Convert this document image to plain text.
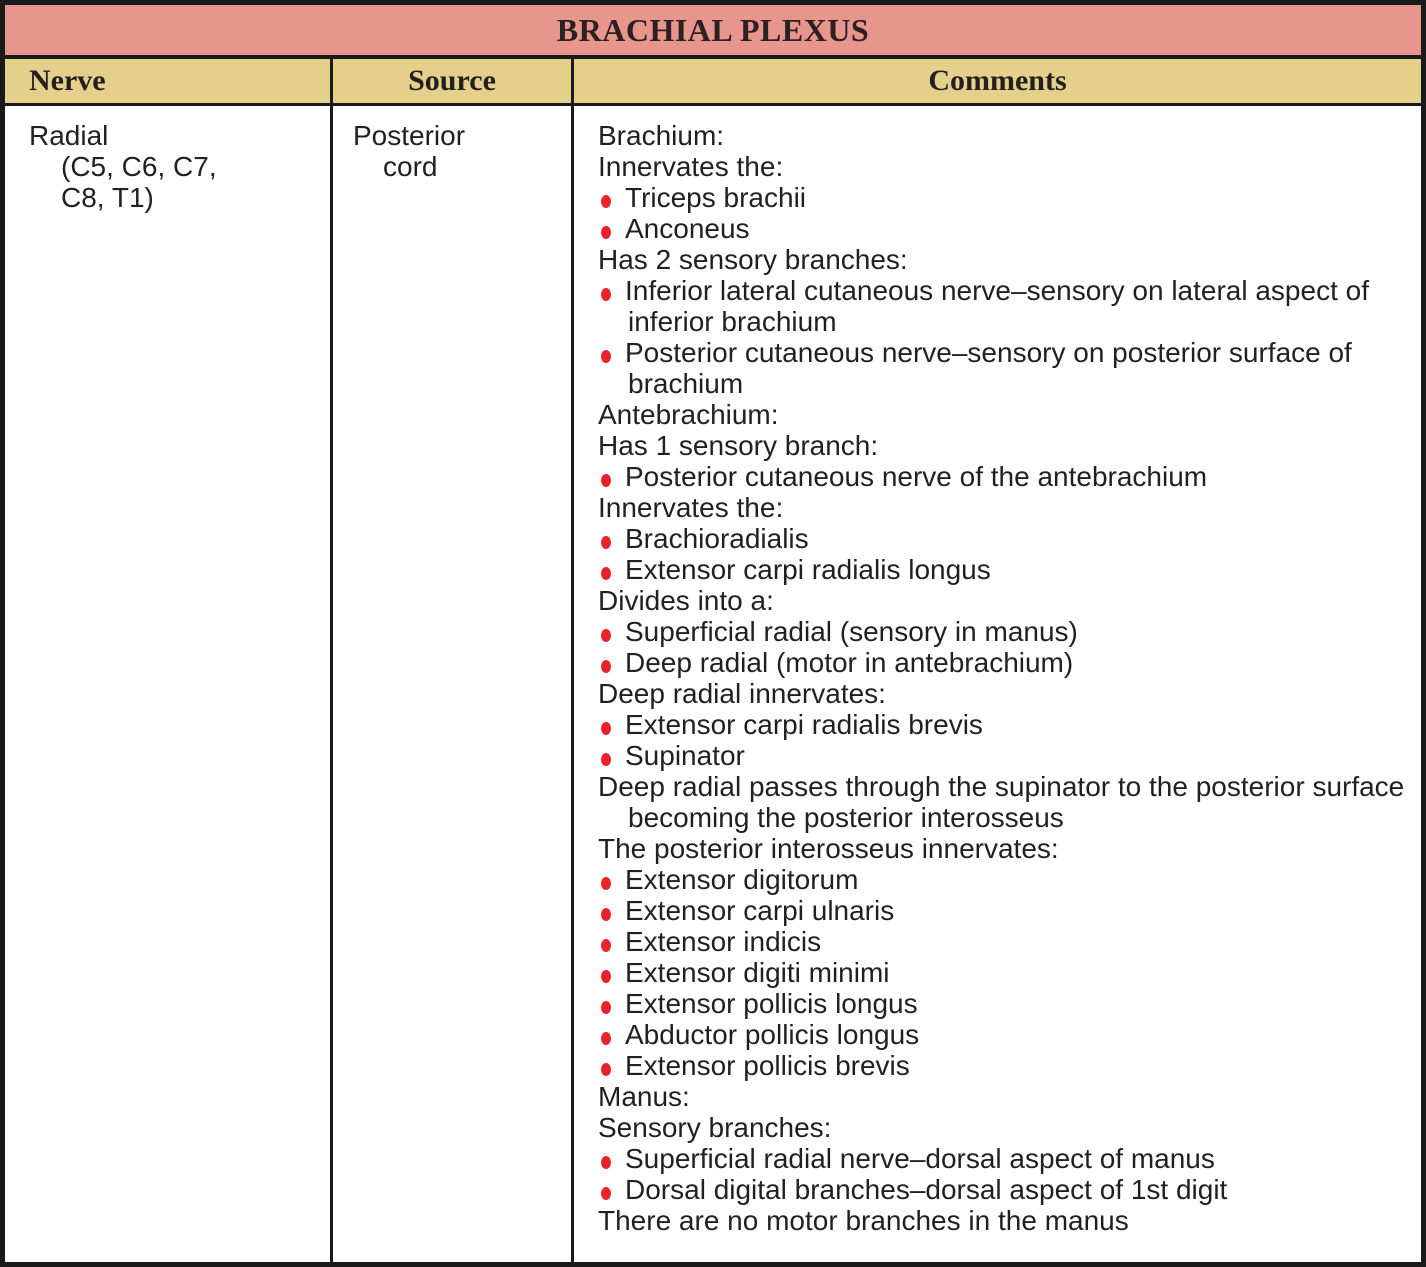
BRACHIAL PLEXUS
Nerve	Source	Comments
Radial
(C5, C6, C7,
C8, T1)
Posterior
cord
Brachium:
Innervates the:
Triceps brachii
Anconeus
Has 2 sensory branches:
Inferior lateral cutaneous nerve–sensory on lateral aspect of inferior brachium
Posterior cutaneous nerve–sensory on posterior surface of brachium
Antebrachium:
Has 1 sensory branch:
Posterior cutaneous nerve of the antebrachium
Innervates the:
Brachioradialis
Extensor carpi radialis longus
Divides into a:
Superficial radial (sensory in manus)
Deep radial (motor in antebrachium)
Deep radial innervates:
Extensor carpi radialis brevis
Supinator
Deep radial passes through the supinator to the posterior surface becoming the posterior interosseus
The posterior interosseus innervates:
Extensor digitorum
Extensor carpi ulnaris
Extensor indicis
Extensor digiti minimi
Extensor pollicis longus
Abductor pollicis longus
Extensor pollicis brevis
Manus:
Sensory branches:
Superficial radial nerve–dorsal aspect of manus
Dorsal digital branches–dorsal aspect of 1st digit
There are no motor branches in the manus
